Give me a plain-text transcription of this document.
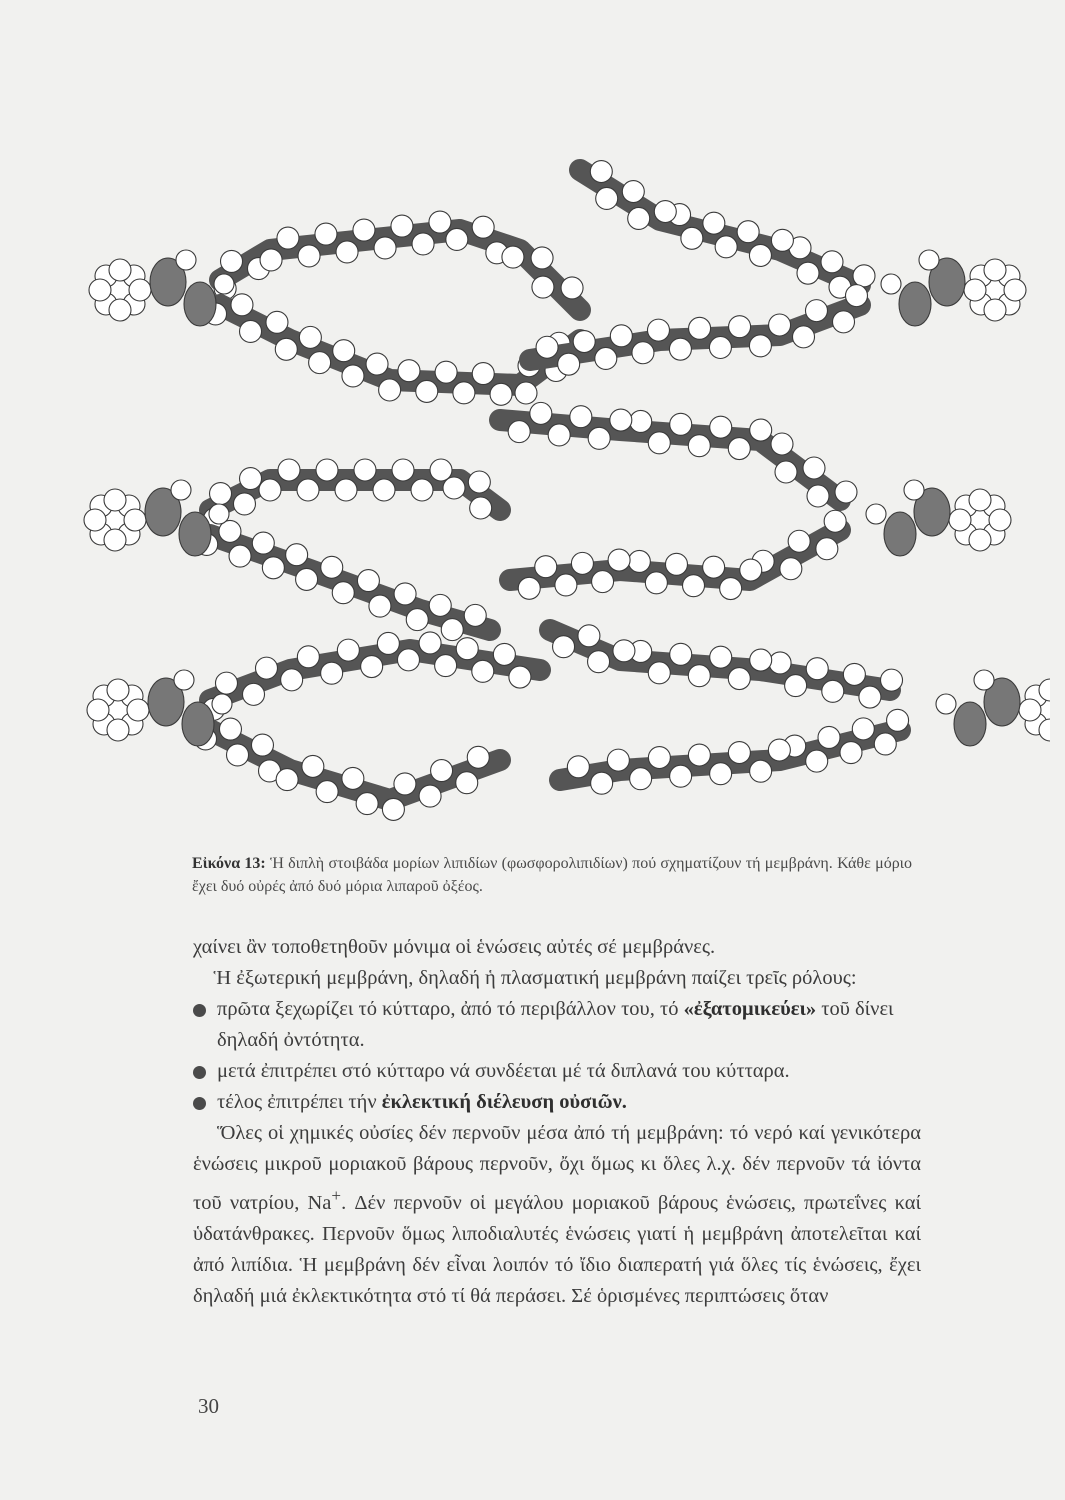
Εἰκόνα 13: Ἡ διπλὴ στοιβάδα μορίων λιπιδίων (φωσφορολιπιδίων) πού σχηματίζουν τή μεμβράνη. Κάθε μόριο ἔχει δυό οὐρές ἀπό δυό μόρια λιπαροῦ ὀξέος.

χαίνει ἂν τοποθετηθοῦν μόνιμα οἱ ἑνώσεις αὐτές σέ μεμβράνες.

Ἡ ἐξωτερική μεμβράνη, δηλαδή ἡ πλασματική μεμβράνη παίζει τρεῖς ρόλους:

πρῶτα ξεχωρίζει τό κύτταρο, ἀπό τό περιβάλλον του, τό «ἐξατομικεύει» τοῦ δίνει δηλαδή ὀντότητα.

μετά ἐπιτρέπει στό κύτταρο νά συνδέεται μέ τά διπλανά του κύτταρα.

τέλος ἐπιτρέπει τήν ἐκλεκτική διέλευση οὐσιῶν.

Ὅλες οἱ χημικές οὐσίες δέν περνοῦν μέσα ἀπό τή μεμβράνη: τό νερό καί γενικότερα ἑνώσεις μικροῦ μοριακοῦ βάρους περνοῦν, ὄχι ὅμως κι ὅλες λ.χ. δέν περνοῦν τά ἰόντα τοῦ νατρίου, Na+. Δέν περνοῦν οἱ μεγάλου μοριακοῦ βάρους ἑνώσεις, πρωτεΐνες καί ὑδατάνθρακες. Περνοῦν ὅμως λιποδιαλυτές ἑνώσεις γιατί ἡ μεμβράνη ἀποτελεῖται καί ἀπό λιπίδια. Ἡ μεμβράνη δέν εἶναι λοιπόν τό ἴδιο διαπερατή γιά ὅλες τίς ἑνώσεις, ἔχει δηλαδή μιά ἐκλεκτικότητα στό τί θά περάσει. Σέ ὁρισμένες περιπτώσεις ὅταν

30
